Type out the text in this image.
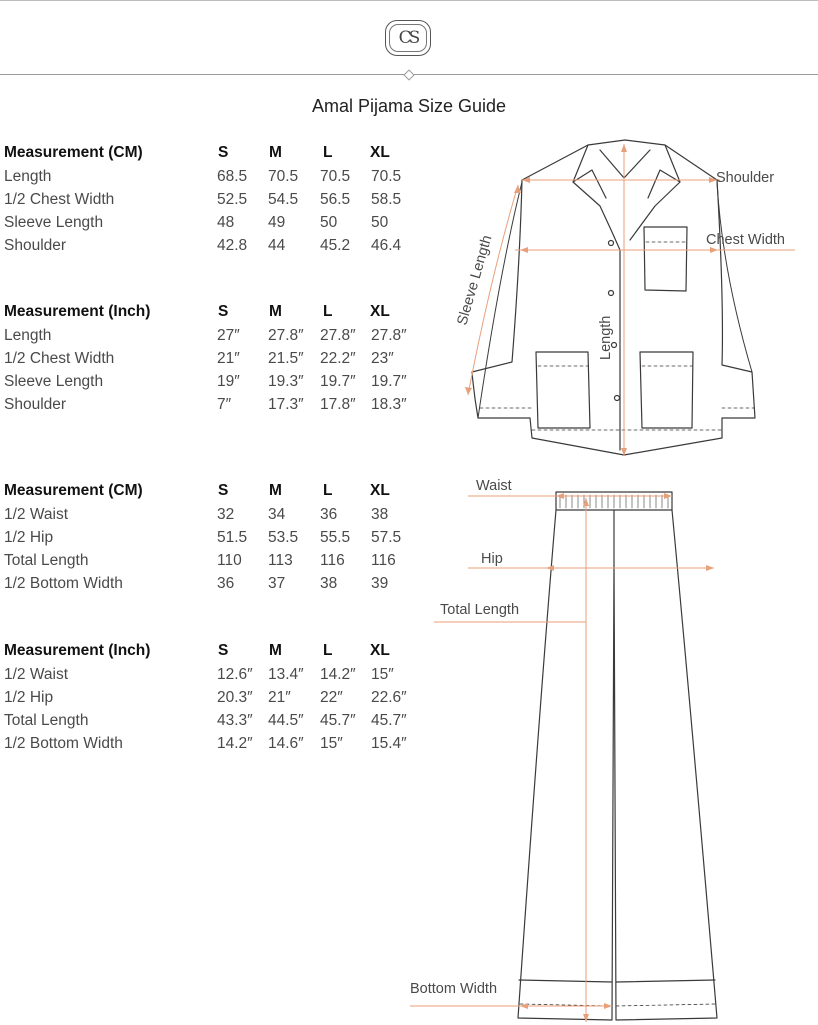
CS
Amal Pijama Size Guide
Measurement (CM)	S	M	L XL
Length	68.5 70.5 70.5 70.5
1/2 Chest Width	52.5 54.5 56.5 58.5
Sleeve Length	48 49 50 50
Shoulder	42.8 44 45.2 46.4
Measurement (Inch)	S	M	L XL
Length	27″ 27.8″ 27.8″ 27.8″
1/2 Chest Width	21″ 21.5″ 22.2″ 23″
Sleeve Length	19″ 19.3″ 19.7″ 19.7″
Shoulder	7″ 17.3″ 17.8″ 18.3″
Measurement (CM)	S	M	L XL
1/2 Waist	32 34 36 38
1/2 Hip	51.5 53.5 55.5 57.5
Total Length	110 113 116 116
1/2 Bottom Width	36 37 38 39
Measurement (Inch)	S	M	L XL
1/2 Waist	12.6″ 13.4″ 14.2″ 15″
1/2 Hip	20.3″ 21″ 22″ 22.6″
Total Length	43.3″ 44.5″ 45.7″ 45.7″
1/2 Bottom Width	14.2″ 14.6″ 15″ 15.4″
Shoulder
Chest Width
Sleeve Length
Length
Waist
Hip
Total Length
Bottom Width
